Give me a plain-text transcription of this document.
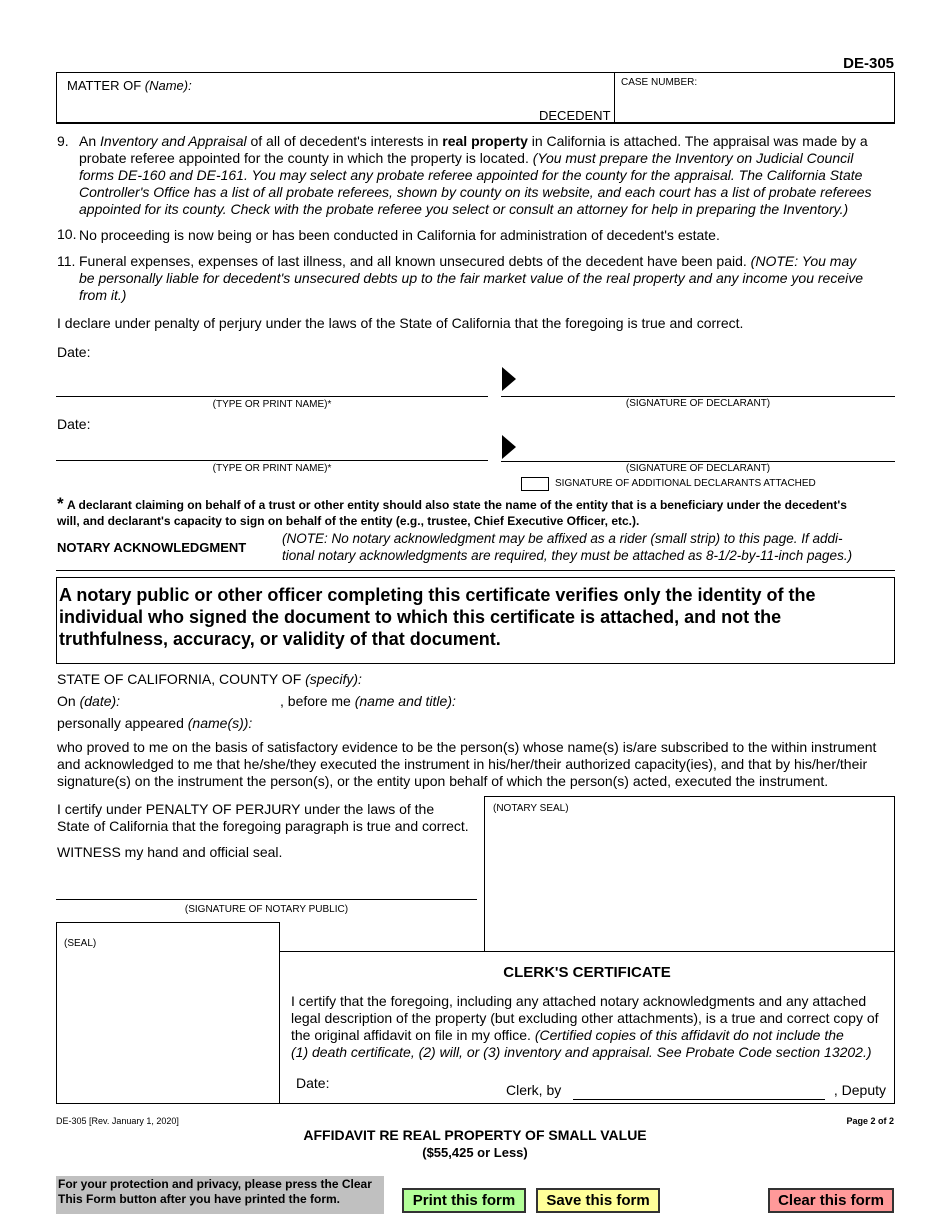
DE-305
MATTER OF (Name):
DECEDENT
CASE NUMBER:
9. An Inventory and Appraisal of all of decedent's interests in real property in California is attached. The appraisal was made by a
probate referee appointed for the county in which the property is located. (You must prepare the Inventory on Judicial Council
forms DE-160 and DE-161. You may select any probate referee appointed for the county for the appraisal. The California State
Controller's Office has a list of all probate referees, shown by county on its website, and each court has a list of probate referees
appointed for its county. Check with the probate referee you select or consult an attorney for help in preparing the Inventory.)
10. No proceeding is now being or has been conducted in California for administration of decedent's estate.
11. Funeral expenses, expenses of last illness, and all known unsecured debts of the decedent have been paid. (NOTE: You may
be personally liable for decedent's unsecured debts up to the fair market value of the real property and any income you receive
from it.)
I declare under penalty of perjury under the laws of the State of California that the foregoing is true and correct.
Date:
(TYPE OR PRINT NAME)*	(SIGNATURE OF DECLARANT)
Date:
(TYPE OR PRINT NAME)*	(SIGNATURE OF DECLARANT)
SIGNATURE OF ADDITIONAL DECLARANTS ATTACHED
* A declarant claiming on behalf of a trust or other entity should also state the name of the entity that is a beneficiary under the decedent's
will, and declarant's capacity to sign on behalf of the entity (e.g., trustee, Chief Executive Officer, etc.).
NOTARY ACKNOWLEDGMENT
(NOTE: No notary acknowledgment may be affixed as a rider (small strip) to this page. If addi-
tional notary acknowledgments are required, they must be attached as 8-1/2-by-11-inch pages.)
A notary public or other officer completing this certificate verifies only the identity of the
individual who signed the document to which this certificate is attached, and not the
truthfulness, accuracy, or validity of that document.
STATE OF CALIFORNIA, COUNTY OF (specify):
On (date):	, before me (name and title):
personally appeared (name(s)):
who proved to me on the basis of satisfactory evidence to be the person(s) whose name(s) is/are subscribed to the within instrument
and acknowledged to me that he/she/they executed the instrument in his/her/their authorized capacity(ies), and that by his/her/their
signature(s) on the instrument the person(s), or the entity upon behalf of which the person(s) acted, executed the instrument.
I certify under PENALTY OF PERJURY under the laws of the
State of California that the foregoing paragraph is true and correct.
WITNESS my hand and official seal.
(SIGNATURE OF NOTARY PUBLIC)
(NOTARY SEAL)
(SEAL)
CLERK'S CERTIFICATE
I certify that the foregoing, including any attached notary acknowledgments and any attached
legal description of the property (but excluding other attachments), is a true and correct copy of
the original affidavit on file in my office. (Certified copies of this affidavit do not include the
(1) death certificate, (2) will, or (3) inventory and appraisal. See Probate Code section 13202.)
Date:	Clerk, by	, Deputy
DE-305 [Rev. January 1, 2020]	Page 2 of 2
AFFIDAVIT RE REAL PROPERTY OF SMALL VALUE
($55,425 or Less)
For your protection and privacy, please press the Clear
This Form button after you have printed the form.	Print this form	Save this form	Clear this form
